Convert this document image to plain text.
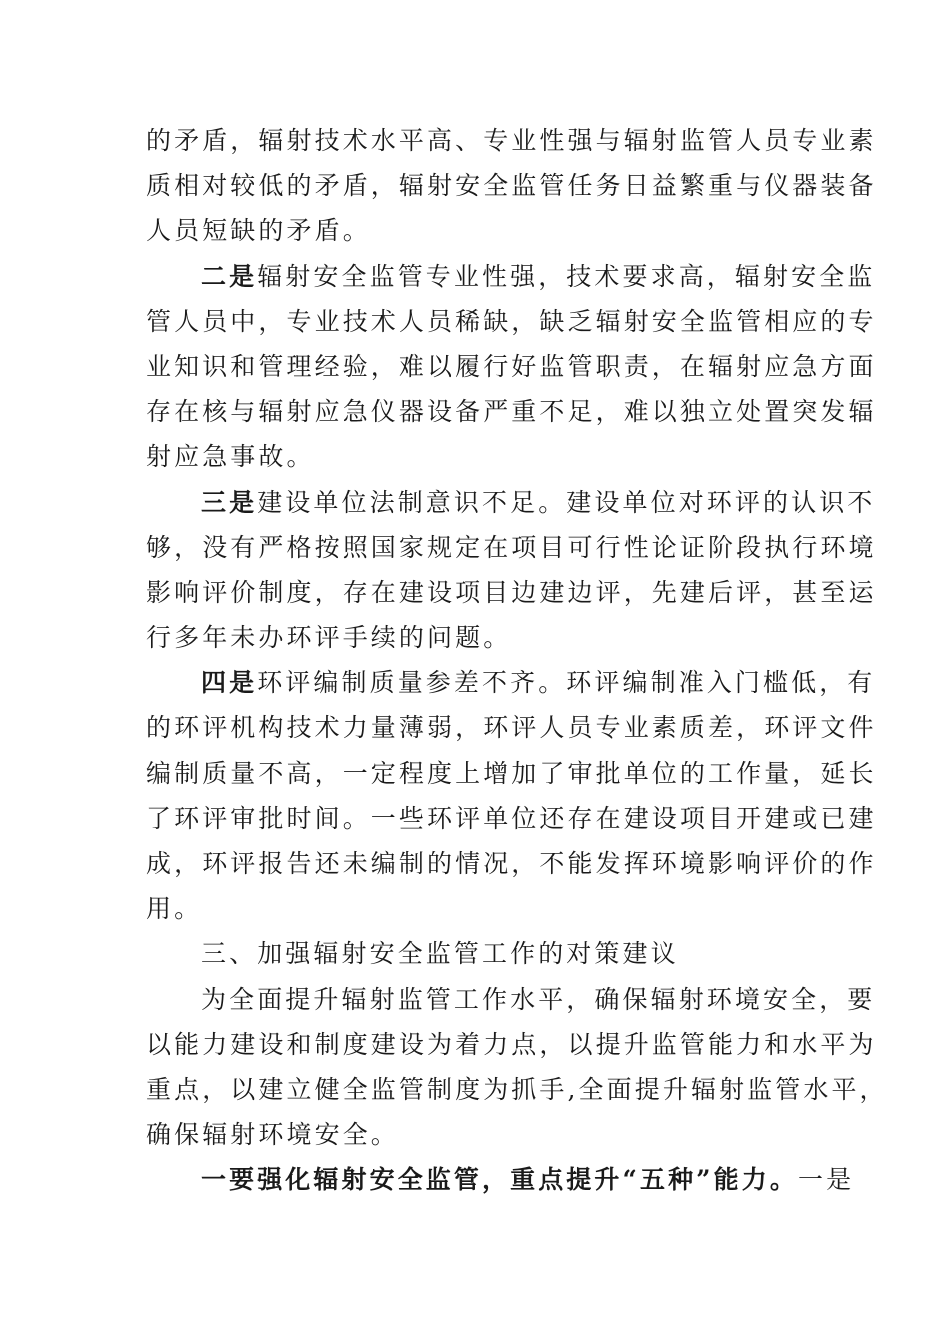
的矛盾，辐射技术水平高、专业性强与辐射监管人员专业素
质相对较低的矛盾，辐射安全监管任务日益繁重与仪器装备
人员短缺的矛盾。
二是辐射安全监管专业性强，技术要求高，辐射安全监
管人员中，专业技术人员稀缺，缺乏辐射安全监管相应的专
业知识和管理经验，难以履行好监管职责，在辐射应急方面
存在核与辐射应急仪器设备严重不足，难以独立处置突发辐
射应急事故。
三是建设单位法制意识不足。建设单位对环评的认识不
够，没有严格按照国家规定在项目可行性论证阶段执行环境
影响评价制度，存在建设项目边建边评，先建后评，甚至运
行多年未办环评手续的问题。
四是环评编制质量参差不齐。环评编制准入门槛低，有
的环评机构技术力量薄弱，环评人员专业素质差，环评文件
编制质量不高，一定程度上增加了审批单位的工作量，延长
了环评审批时间。一些环评单位还存在建设项目开建或已建
成，环评报告还未编制的情况，不能发挥环境影响评价的作
用。
三、加强辐射安全监管工作的对策建议
为全面提升辐射监管工作水平，确保辐射环境安全，要
以能力建设和制度建设为着力点，以提升监管能力和水平为
重点，以建立健全监管制度为抓手,全面提升辐射监管水平，
确保辐射环境安全。
一要强化辐射安全监管，重点提升“五种”能力。一是
